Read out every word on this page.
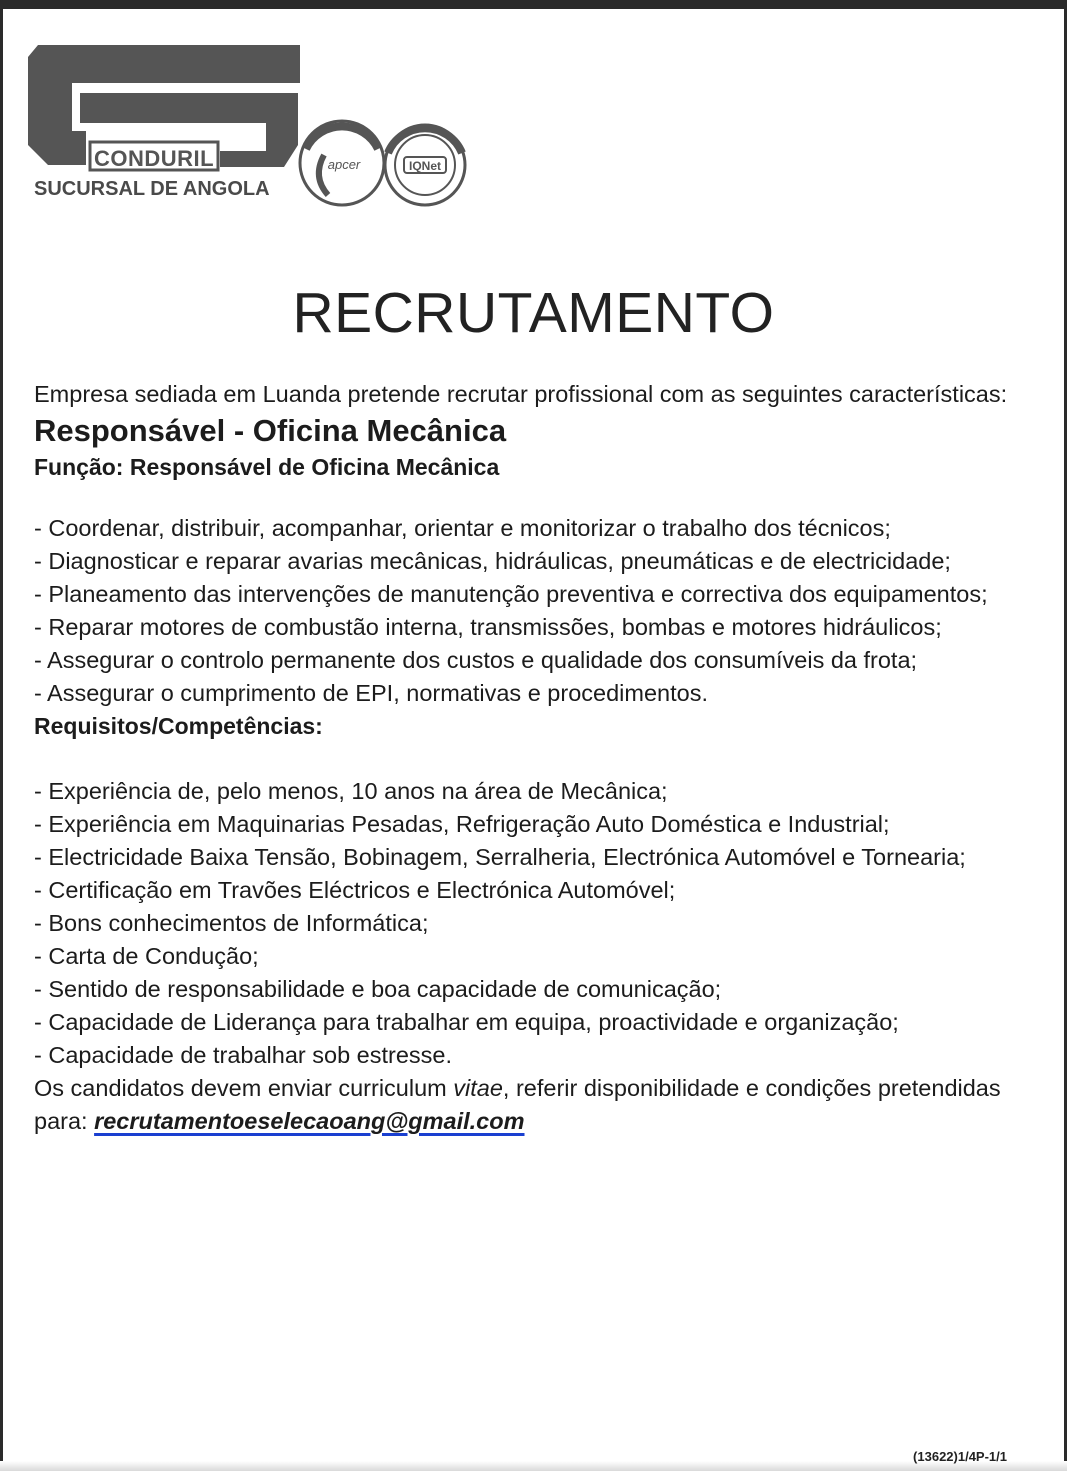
apcer	IQNet
CONDURIL
SUCURSAL DE ANGOLA
RECRUTAMENTO

Empresa sediada em Luanda pretende recrutar profissional com as seguintes características:

Responsável - Oficina Mecânica

Função: Responsável de Oficina Mecânica

- Coordenar, distribuir, acompanhar, orientar e monitorizar o trabalho dos técnicos;
- Diagnosticar e reparar avarias mecânicas, hidráulicas, pneumáticas e de electricidade;
- Planeamento das intervenções de manutenção preventiva e correctiva dos equipamentos;
- Reparar motores de combustão interna, transmissões, bombas e motores hidráulicos;
- Assegurar o controlo permanente dos custos e qualidade dos consumíveis da frota;
- Assegurar o cumprimento de EPI, normativas e procedimentos.

Requisitos/Competências:

- Experiência de, pelo menos, 10 anos na área de Mecânica;
- Experiência em Maquinarias Pesadas, Refrigeração Auto Doméstica e Industrial;
- Electricidade Baixa Tensão, Bobinagem, Serralheria, Electrónica Automóvel e Tornearia;
- Certificação em Travões Eléctricos e Electrónica Automóvel;
- Bons conhecimentos de Informática;
- Carta de Condução;
- Sentido de responsabilidade e boa capacidade de comunicação;
- Capacidade de Liderança para trabalhar em equipa, proactividade e organização;
- Capacidade de trabalhar sob estresse.

Os candidatos devem enviar curriculum vitae, referir disponibilidade e condições pretendidas para: recrutamentoeselecaoang@gmail.com

(13622)1/4P-1/1
